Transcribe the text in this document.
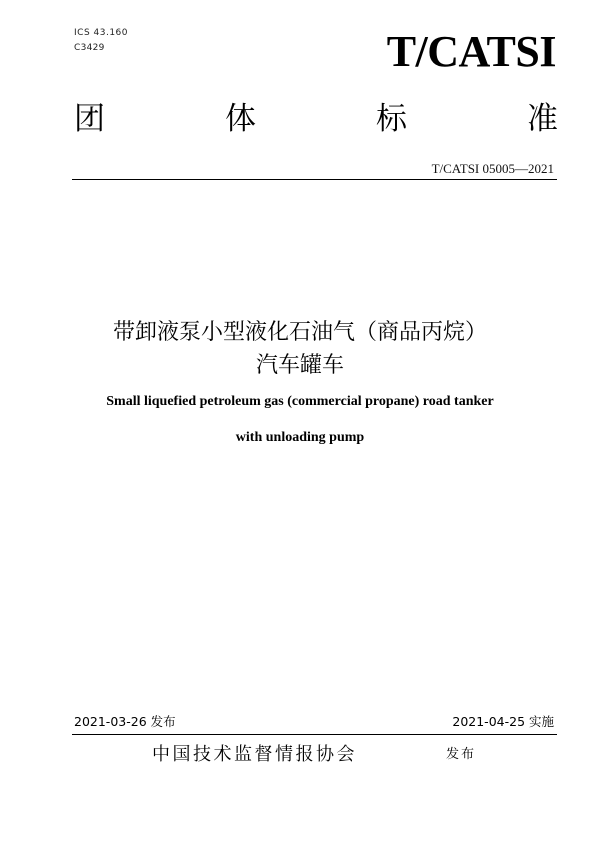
ICS 43.160
C3429	T/CATSI
团	体	标	准
T/CATSI 05005—2021
带卸液泵小型液化石油气（商品丙烷）
汽车罐车
Small liquefied petroleum gas (commercial propane) road tanker
with unloading pump
2021-03-26 发布	2021-04-25 实施
中国技术监督情报协会	发布
